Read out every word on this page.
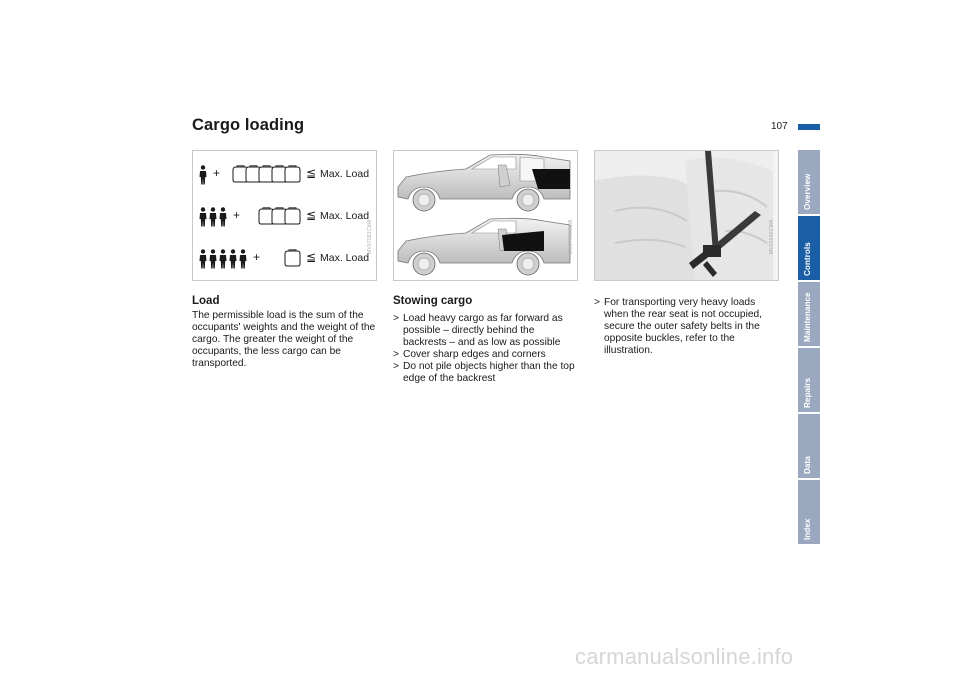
Cargo loading	107
+	≦ Max. Load
+	≦ Max. Load
+	≦ Max. Load
MV07091CMA	MV07708CMA	MV01646CMA
Load
The permissible load is the sum of the occupants' weights and the weight of the cargo. The greater the weight of the occupants, the less cargo can be transported.
Stowing cargo
> Load heavy cargo as far forward as possible – directly behind the backrests – and as low as possible
> Cover sharp edges and corners
> Do not pile objects higher than the top edge of the backrest
> For transporting very heavy loads when the rear seat is not occupied, secure the outer safety belts in the opposite buckles, refer to the illustration.
Overview
Controls
Maintenance
Repairs
Data
Index
carmanualsonline.info
